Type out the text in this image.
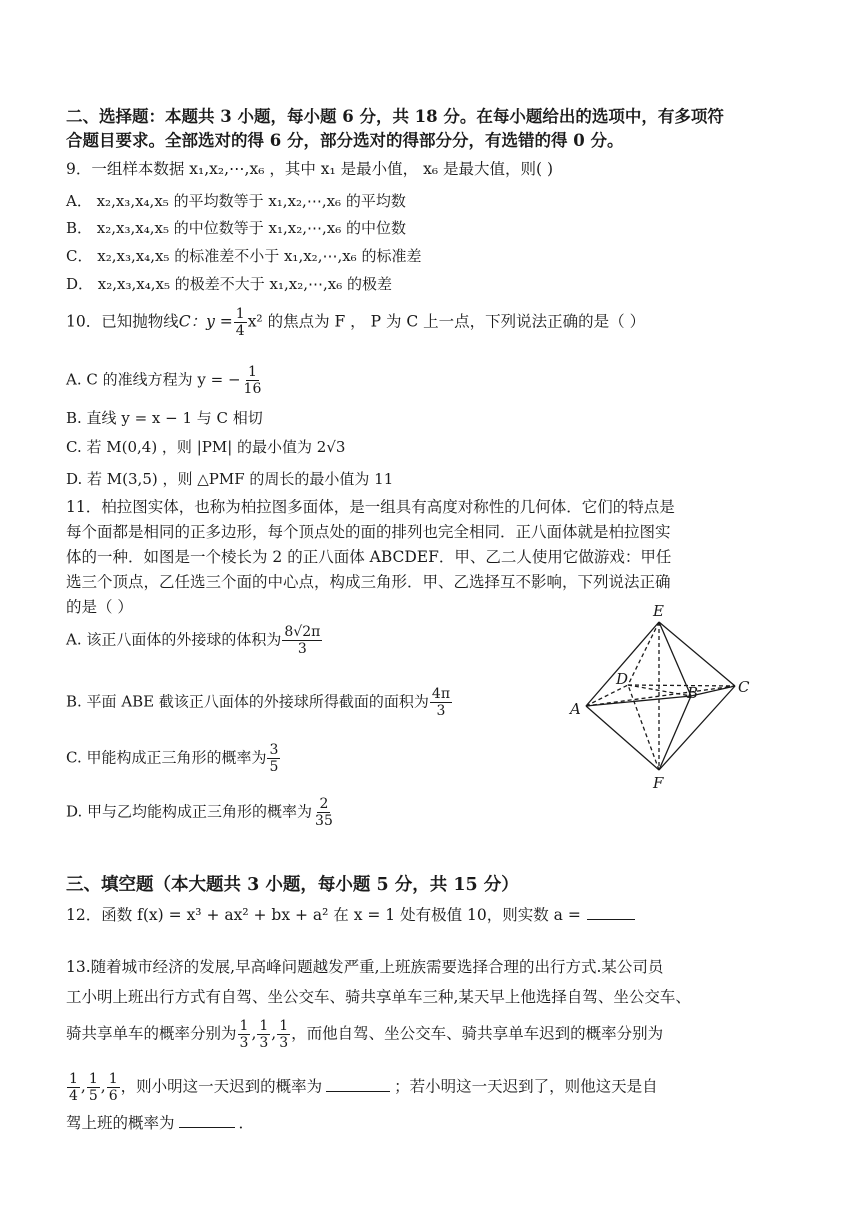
二、选择题：本题共 3 小题，每小题 6 分，共 18 分。在每小题给出的选项中，有多项符
合题目要求。全部选对的得 6 分，部分选对的得部分分，有选错的得 0 分。
9．一组样本数据 x₁,x₂,⋯,x₆ ，其中 x₁ 是最小值， x₆ 是最大值，则( )
A． x₂,x₃,x₄,x₅ 的平均数等于 x₁,x₂,⋯,x₆ 的平均数
B． x₂,x₃,x₄,x₅ 的中位数等于 x₁,x₂,⋯,x₆ 的中位数
C． x₂,x₃,x₄,x₅ 的标准差不小于 x₁,x₂,⋯,x₆ 的标准差
D． x₂,x₃,x₄,x₅ 的极差不大于 x₁,x₂,⋯,x₆ 的极差
10．已知抛物线C：$y = \frac{1}{4} x^2$ 的焦点为 F ， P 为 C 上一点，下列说法正确的是（ ）
A. C 的准线方程为 y = − $\frac{1}{16}$
B. 直线 y = x − 1 与 C 相切
C. 若 M(0,4) ，则 |PM| 的最小值为 2√3
D. 若 M(3,5) ，则 △PMF 的周长的最小值为 11
11．柏拉图实体，也称为柏拉图多面体，是一组具有高度对称性的几何体．它们的特点是
每个面都是相同的正多边形，每个顶点处的面的排列也完全相同．正八面体就是柏拉图实
体的一种．如图是一个棱长为 2 的正八面体 ABCDEF．甲、乙二人使用它做游戏：甲任
选三个顶点，乙任选三个面的中心点，构成三角形．甲、乙选择互不影响，下列说法正确
的是（ ）
A. 该正八面体的外接球的体积为 $\frac{8√2\pi}{3}$
B. 平面 ABE 截该正八面体的外接球所得截面的面积为 $\frac{4\pi}{3}$
C. 甲能构成正三角形的概率为 $\frac{3}{5}$
D. 甲与乙均能构成正三角形的概率为 $\frac{2}{35}$
E
D
B	C
A
F
三、填空题（本大题共 3 小题，每小题 5 分，共 15 分）
12．函数 f(x) = x³ + ax² + bx + a² 在 x = 1 处有极值 10，则实数 a =
13.随着城市经济的发展,早高峰问题越发严重,上班族需要选择合理的出行方式.某公司员
工小明上班出行方式有自驾、坐公交车、骑共享单车三种,某天早上他选择自驾、坐公交车、
骑共享单车的概率分别为 $\frac{1}{3}$ , $\frac{1}{3}$ , $\frac{1}{3}$ ，而他自驾、坐公交车、骑共享单车迟到的概率分别为
$\frac{1}{4}$ , $\frac{1}{5}$ , $\frac{1}{6}$ ，则小明这一天迟到的概率为	；若小明这一天迟到了，则他这天是自
驾上班的概率为	．
